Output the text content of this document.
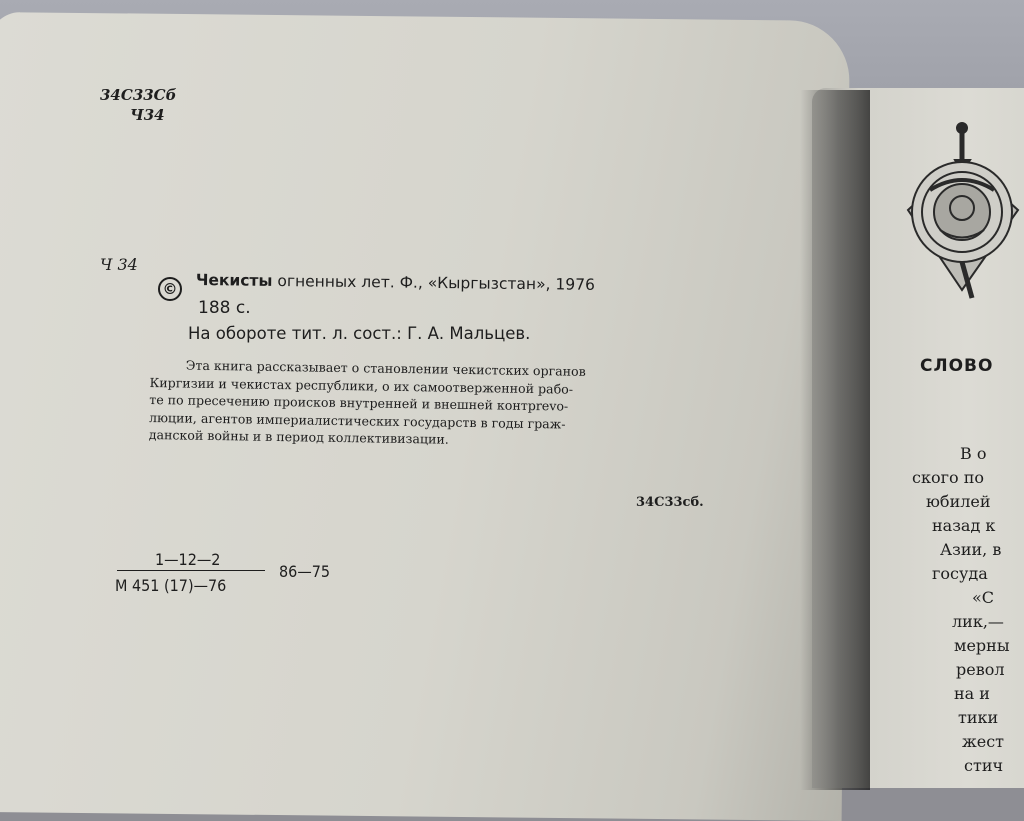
34С33Сб
Ч34
Ч 34
Чекисты огненных лет. Ф., «Кыргызстан», 1976
©
188 с.
На обороте тит. л. сост.: Г. А. Мальцев.
Эта книга рассказывает о становлении чекистских органов
Киргизии и чекистах республики, о их самоотверженной рабо-
те по пресечению происков внутренней и внешней контрrevo-
люции, агентов империалистических государств в годы граж-
данской войны и в период коллективизации.
34С33сб.
1—12—2
М 451 (17)—76
86—75
СЛОВО
В о
ского по
юбилей
назад к
Азии, в
госуда
«С
лик,—
мерны
револ
на и
тики
жест
стич
